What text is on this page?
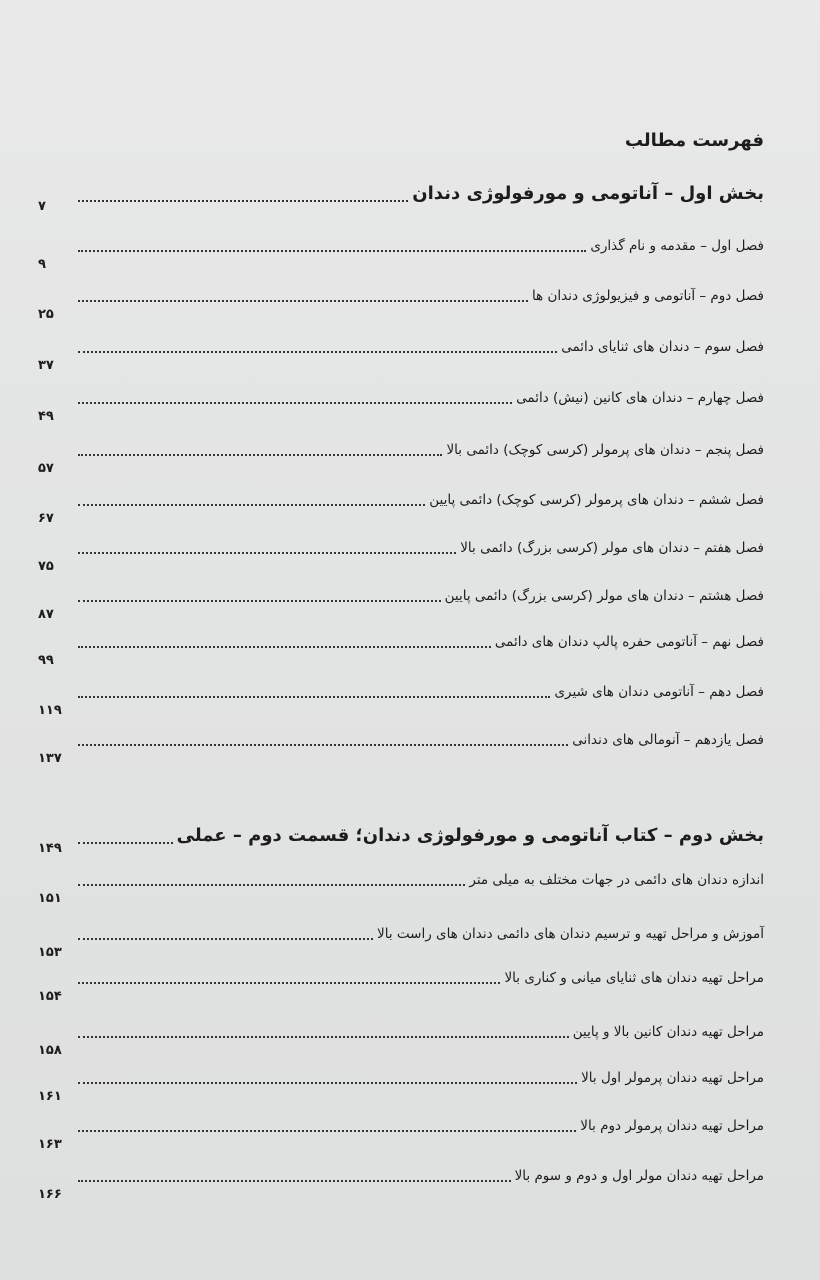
فهرست مطالب
بخش اول – آناتومی و مورفولوژی دندان
۷
فصل اول – مقدمه و نام گذاری
۹
فصل دوم – آناتومی و فیزیولوژی دندان ها
۲۵
فصل سوم – دندان های ثنایای دائمی
۳۷
فصل چهارم – دندان های کانین (نیش) دائمی
۴۹
فصل پنجم – دندان های پرمولر (کرسی کوچک) دائمی بالا
۵۷
فصل ششم – دندان های پرمولر (کرسی کوچک) دائمی پایین
۶۷
فصل هفتم – دندان های مولر (کرسی بزرگ) دائمی بالا
۷۵
فصل هشتم – دندان های مولر (کرسی بزرگ) دائمی پایین
۸۷
فصل نهم – آناتومی حفره پالپ دندان های دائمی
۹۹
فصل دهم – آناتومی دندان های شیری
۱۱۹
فصل یازدهم – آنومالی های دندانی
۱۳۷
بخش دوم – کتاب آناتومی و مورفولوژی دندان؛ قسمت دوم – عملی
۱۴۹
اندازه دندان های دائمی در جهات مختلف به میلی متر
۱۵۱
آموزش و مراحل تهیه و ترسیم دندان های دائمی دندان های راست بالا
۱۵۳
مراحل تهیه دندان های ثنایای میانی و کناری بالا
۱۵۴
مراحل تهیه دندان کانین بالا و پایین
۱۵۸
مراحل تهیه دندان پرمولر اول بالا
۱۶۱
مراحل تهیه دندان پرمولر دوم بالا
۱۶۳
مراحل تهیه دندان مولر اول و دوم و سوم بالا
۱۶۶
